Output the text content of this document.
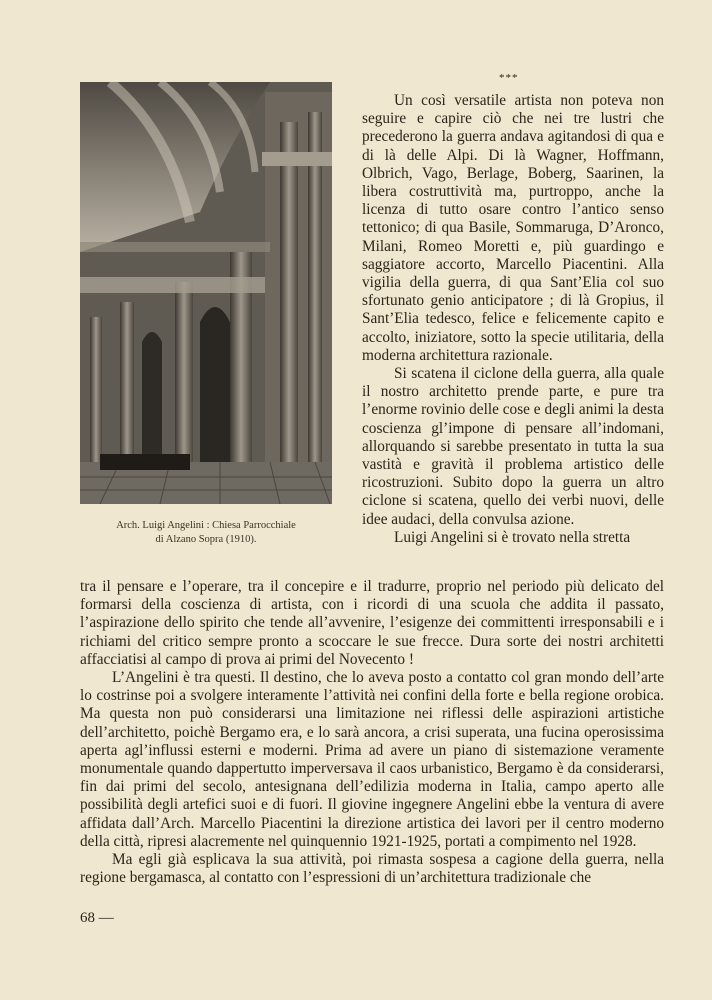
Arch. Luigi Angelini : Chiesa Parrocchiale
di Alzano Sopra (1910).
***

Un così versatile artista non poteva non seguire e capire ciò che nei tre lustri che precederono la guerra andava agitandosi di qua e di là delle Alpi. Di là Wagner, Hoffmann, Olbrich, Vago, Berlage, Boberg, Saarinen, la libera costruttività ma, purtroppo, anche la licenza di tutto osare contro l’antico senso tettonico; di qua Basile, Sommaruga, D’Aronco, Milani, Romeo Moretti e, più guardingo e saggiatore accorto, Marcello Piacentini. Alla vigilia della guerra, di qua Sant’Elia col suo sfortunato genio anticipatore ; di là Gropius, il Sant’Elia tedesco, felice e felicemente capito e accolto, iniziatore, sotto la specie utilitaria, della moderna architettura razionale.

Si scatena il ciclone della guerra, alla quale il nostro architetto prende parte, e pure tra l’enorme rovinio delle cose e degli animi la desta coscienza gl’impone di pensare all’indomani, allorquando si sarebbe presentato in tutta la sua vastità e gravità il problema artistico delle ricostruzioni. Subito dopo la guerra un altro ciclone si scatena, quello dei verbi nuovi, delle idee audaci, della convulsa azione.

Luigi Angelini si è trovato nella stretta

tra il pensare e l’operare, tra il concepire e il tradurre, proprio nel periodo più delicato del formarsi della coscienza di artista, con i ricordi di una scuola che addita il passato, l’aspirazione dello spirito che tende all’avvenire, l’esigenze dei committenti irresponsabili e i richiami del critico sempre pronto a scoccare le sue frecce. Dura sorte dei nostri architetti affacciatisi al campo di prova ai primi del Novecento !

L’Angelini è tra questi. Il destino, che lo aveva posto a contatto col gran mondo dell’arte lo costrinse poi a svolgere interamente l’attività nei confini della forte e bella regione orobica. Ma questa non può considerarsi una limitazione nei riflessi delle aspirazioni artistiche dell’architetto, poichè Bergamo era, e lo sarà ancora, a crisi superata, una fucina operosissima aperta agl’influssi esterni e moderni. Prima ad avere un piano di sistemazione veramente monumentale quando dappertutto imperversava il caos urbanistico, Bergamo è da considerarsi, fin dai primi del secolo, antesignana dell’edilizia moderna in Italia, campo aperto alle possibilità degli artefici suoi e di fuori. Il giovine ingegnere Angelini ebbe la ventura di avere affidata dall’Arch. Marcello Piacentini la direzione artistica dei lavori per il centro moderno della città, ripresi alacremente nel quinquennio 1921-1925, portati a compimento nel 1928.

Ma egli già esplicava la sua attività, poi rimasta sospesa a cagione della guerra, nella regione bergamasca, al contatto con l’espressioni di un’architettura tradizionale che

68 —
